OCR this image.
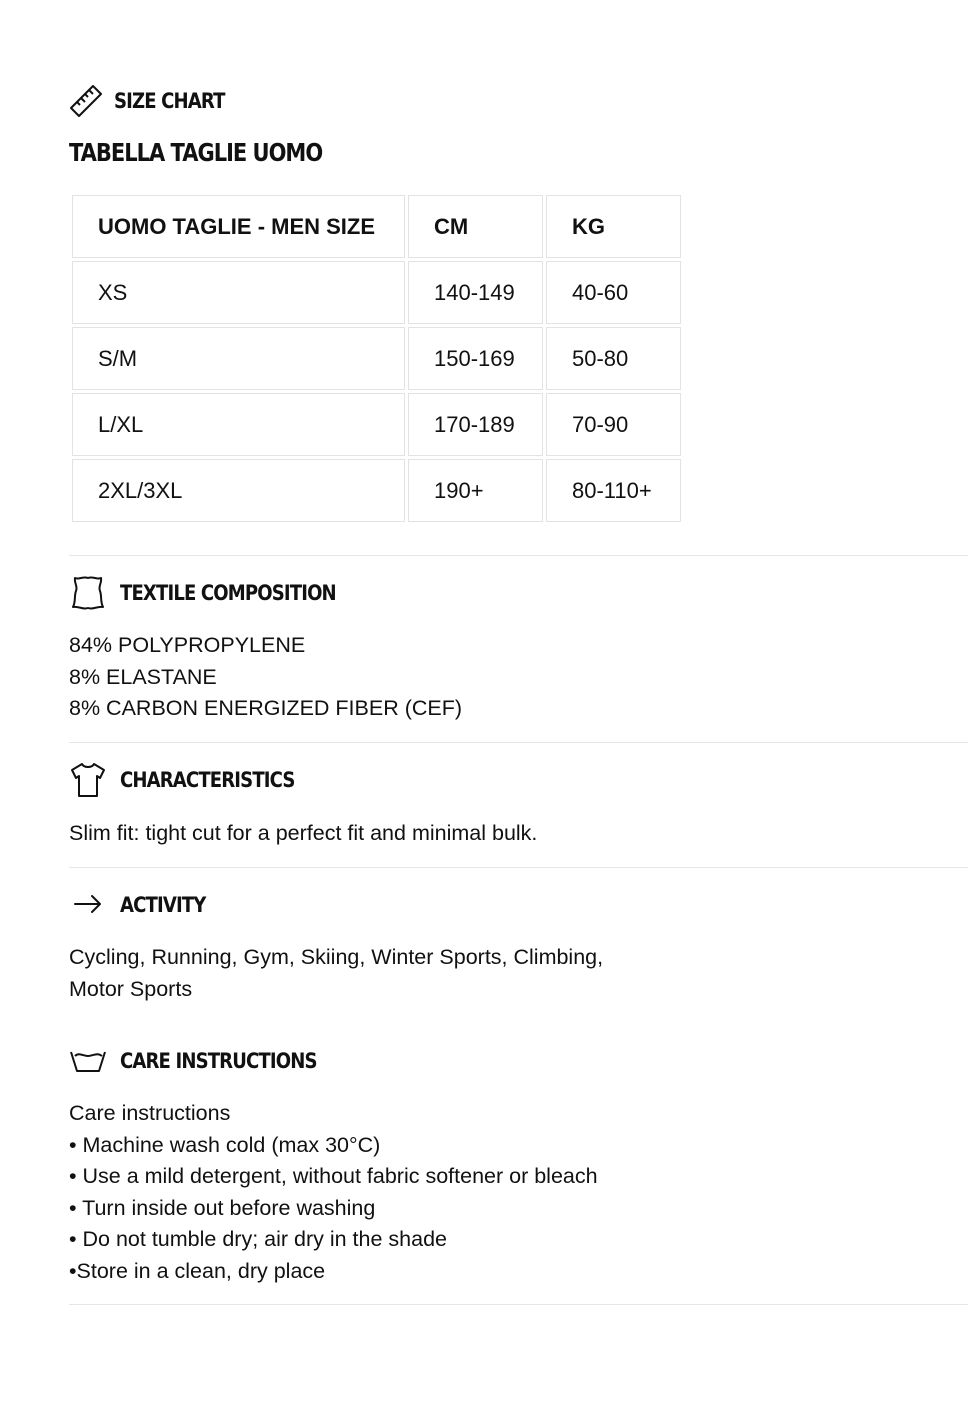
SIZE CHART
TABELLA TAGLIE UOMO
UOMO TAGLIE - MEN SIZE	CM	KG
XS	140-149	40-60
S/M	150-169	50-80
L/XL	170-189	70-90
2XL/3XL	190+	80-110+
TEXTILE COMPOSITION
84% POLYPROPYLENE
8% ELASTANE
8% CARBON ENERGIZED FIBER (CEF)
CHARACTERISTICS
Slim fit: tight cut for a perfect fit and minimal bulk.
ACTIVITY
Cycling, Running, Gym, Skiing, Winter Sports, Climbing,
Motor Sports
CARE INSTRUCTIONS
Care instructions
• Machine wash cold (max 30°C)
• Use a mild detergent, without fabric softener or bleach
• Turn inside out before washing
• Do not tumble dry; air dry in the shade
•Store in a clean, dry place
